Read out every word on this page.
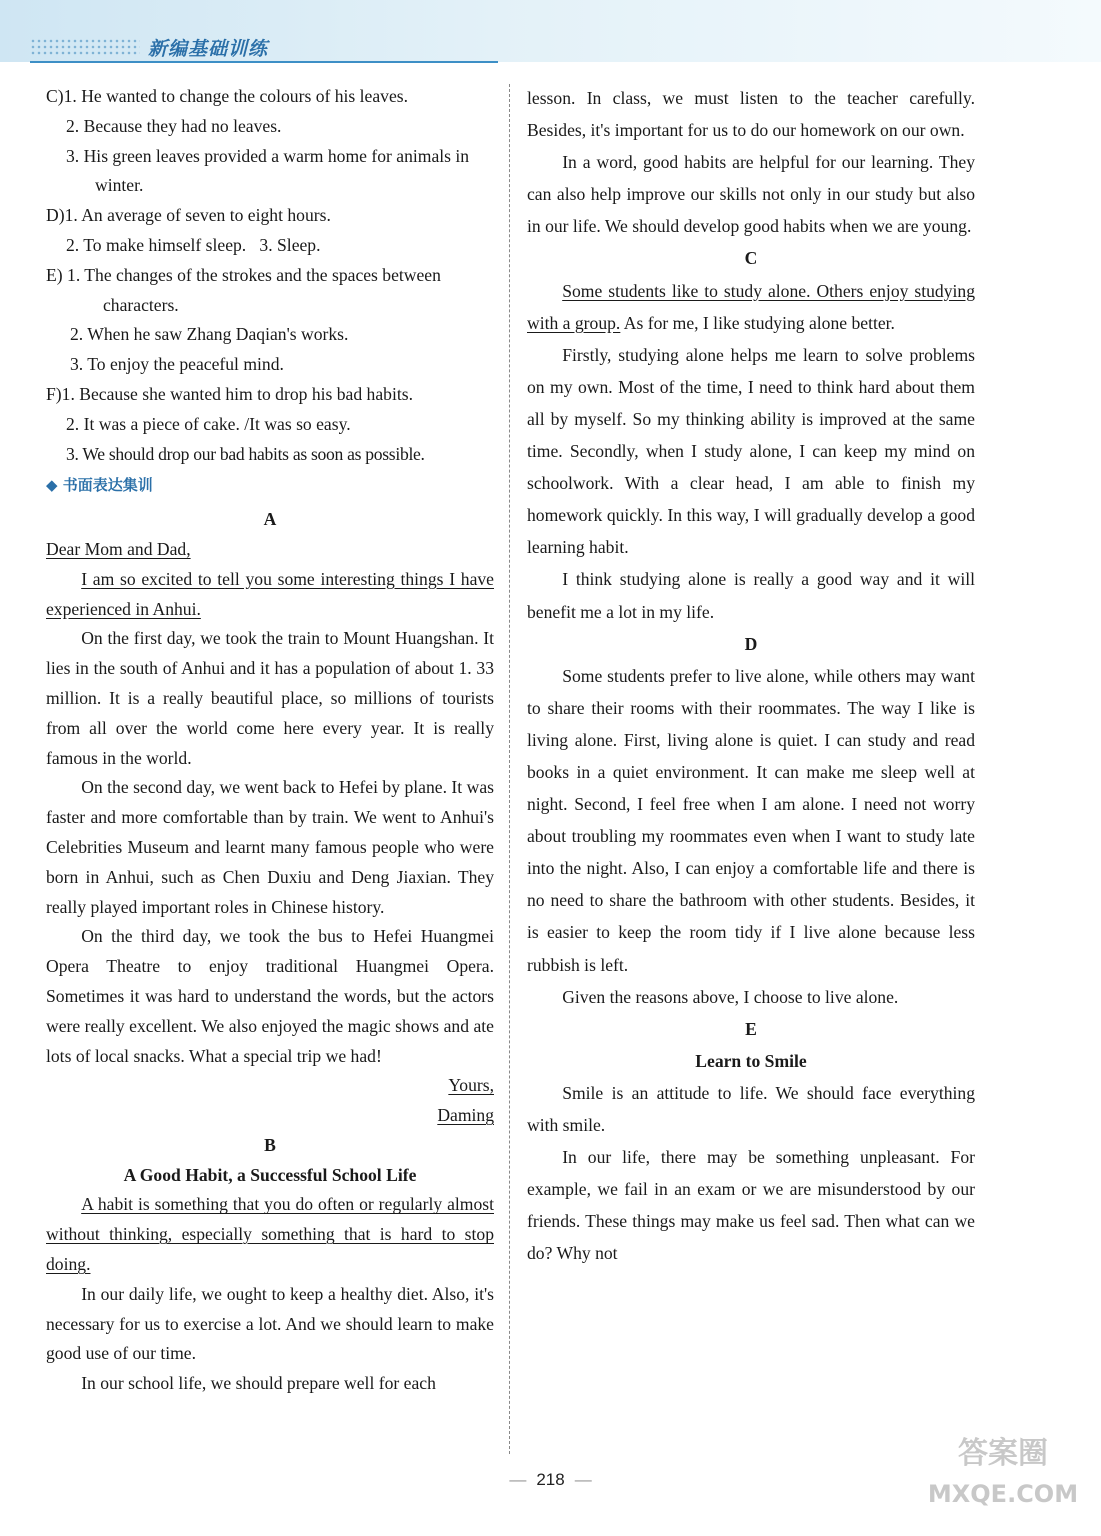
新编基础训练

C)1. He wanted to change the colours of his leaves.

2. Because they had no leaves.

3. His green leaves provided a warm home for animals in winter.

D)1. An average of seven to eight hours.

2. To make himself sleep. 3. Sleep.

E) 1. The changes of the strokes and the spaces between characters.

2. When he saw Zhang Daqian's works.

3. To enjoy the peaceful mind.

F)1. Because she wanted him to drop his bad habits.

2. It was a piece of cake. /It was so easy.

3. We should drop our bad habits as soon as possible.

◆ 书面表达集训

A

Dear Mom and Dad,

I am so excited to tell you some interesting things I have experienced in Anhui.

On the first day, we took the train to Mount Huangshan. It lies in the south of Anhui and it has a population of about 1. 33 million. It is a really beautiful place, so millions of tourists from all over the world come here every year. It is really famous in the world.

On the second day, we went back to Hefei by plane. It was faster and more comfortable than by train. We went to Anhui's Celebrities Museum and learnt many famous people who were born in Anhui, such as Chen Duxiu and Deng Jiaxian. They really played important roles in Chinese history.

On the third day, we took the bus to Hefei Huangmei Opera Theatre to enjoy traditional Huangmei Opera. Sometimes it was hard to understand the words, but the actors were really excellent. We also enjoyed the magic shows and ate lots of local snacks. What a special trip we had!

Yours,

Daming

B

A Good Habit, a Successful School Life

A habit is something that you do often or regularly almost without thinking, especially something that is hard to stop doing.

In our daily life, we ought to keep a healthy diet. Also, it's necessary for us to exercise a lot. And we should learn to make good use of our time.

In our school life, we should prepare well for each

lesson. In class, we must listen to the teacher carefully. Besides, it's important for us to do our homework on our own.

In a word, good habits are helpful for our learning. They can also help improve our skills not only in our study but also in our life. We should develop good habits when we are young.

C

Some students like to study alone. Others enjoy studying with a group. As for me, I like studying alone better.

Firstly, studying alone helps me learn to solve problems on my own. Most of the time, I need to think hard about them all by myself. So my thinking ability is improved at the same time. Secondly, when I study alone, I can keep my mind on schoolwork. With a clear head, I am able to finish my homework quickly. In this way, I will gradually develop a good learning habit.

I think studying alone is really a good way and it will benefit me a lot in my life.

D

Some students prefer to live alone, while others may want to share their rooms with their roommates. The way I like is living alone. First, living alone is quiet. I can study and read books in a quiet environment. It can make me sleep well at night. Second, I feel free when I am alone. I need not worry about troubling my roommates even when I want to study late into the night. Also, I can enjoy a comfortable life and there is no need to share the bathroom with other students. Besides, it is easier to keep the room tidy if I live alone because less rubbish is left.

Given the reasons above, I choose to live alone.

E

Learn to Smile

Smile is an attitude to life. We should face everything with smile.

In our life, there may be something unpleasant. For example, we fail in an exam or we are misunderstood by our friends. These things may make us feel sad. Then what can we do? Why not

— 218 —
答案圈
MXQE.COM
